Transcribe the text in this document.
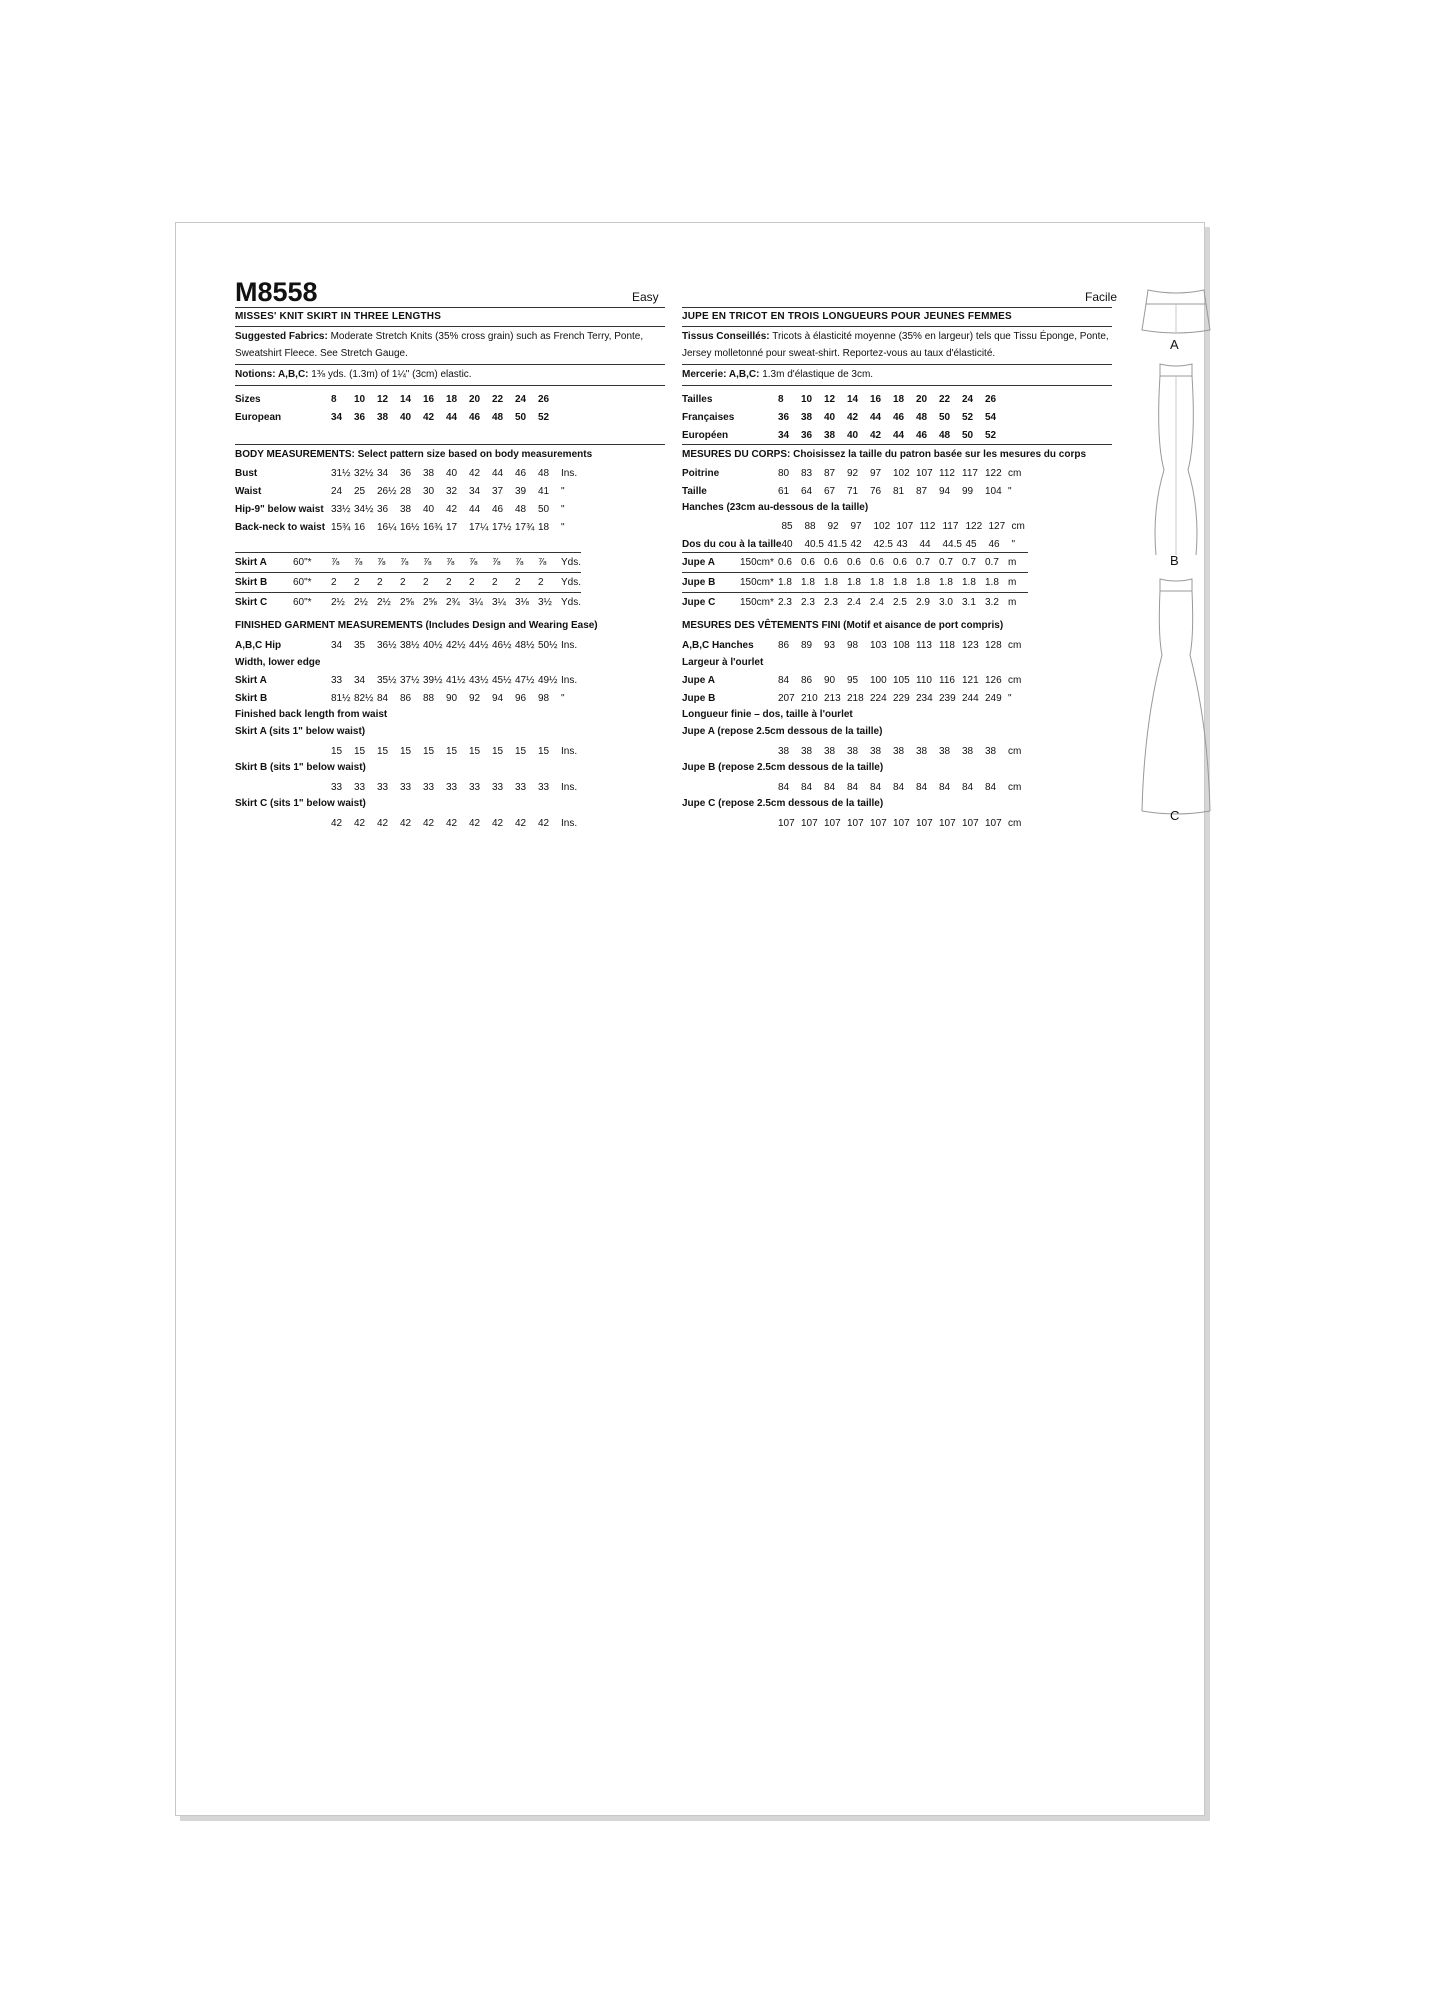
M8558	Easy
MISSES' KNIT SKIRT IN THREE LENGTHS
Suggested Fabrics: Moderate Stretch Knits (35% cross grain) such as French Terry, Ponte,
Sweatshirt Fleece. See Stretch Gauge.
Notions: A,B,C: 1⅜ yds. (1.3m) of 1¼" (3cm) elastic.
Sizes	8	10	12	14	16	18	20	22	24	26
European	34	36	38	40	42	44	46	48	50	52
BODY MEASUREMENTS: Select pattern size based on body measurements
Bust	31½	32½	34	36	38	40	42	44	46	48	Ins.
Waist	24	25	26½	28	30	32	34	37	39	41	"
Hip-9" below waist	33½	34½	36	38	40	42	44	46	48	50	"
Back-neck to waist	15¾	16	16¼	16½	16¾	17	17¼	17½	17¾	18	"
Skirt A	60"*	⅞	⅞	⅞	⅞	⅞	⅞	⅞	⅞	⅞	⅞	Yds.
Skirt B	60"*	2	2	2	2	2	2	2	2	2	2	Yds.
Skirt C	60"*	2½	2½	2½	2⅝	2⅝	2¾	3¼	3¼	3⅛	3½	Yds.
FINISHED GARMENT MEASUREMENTS (Includes Design and Wearing Ease)
A,B,C Hip	34	35	36½	38½	40½	42½	44½	46½	48½	50½	Ins.
Width, lower edge
Skirt A	33	34	35½	37½	39½	41½	43½	45½	47½	49½	Ins.
Skirt B	81½	82½	84	86	88	90	92	94	96	98	"
Finished back length from waist
Skirt A (sits 1" below waist)
	15	15	15	15	15	15	15	15	15	15	Ins.
Skirt B (sits 1" below waist)
	33	33	33	33	33	33	33	33	33	33	Ins.
Skirt C (sits 1" below waist)
	42	42	42	42	42	42	42	42	42	42	Ins.
Facile
JUPE EN TRICOT EN TROIS LONGUEURS POUR JEUNES FEMMES
Tissus Conseillés: Tricots à élasticité moyenne (35% en largeur) tels que Tissu Éponge, Ponte,
Jersey molletonné pour sweat-shirt. Reportez-vous au taux d'élasticité.
Mercerie: A,B,C: 1.3m d'élastique de 3cm.
Tailles	8	10	12	14	16	18	20	22	24	26
Françaises	36	38	40	42	44	46	48	50	52	54
Européen	34	36	38	40	42	44	46	48	50	52
MESURES DU CORPS: Choisissez la taille du patron basée sur les mesures du corps
Poitrine	80	83	87	92	97	102	107	112	117	122	cm
Taille	61	64	67	71	76	81	87	94	99	104	"
Hanches (23cm au-dessous de la taille)
	85	88	92	97	102	107	112	117	122	127	cm
Dos du cou à la taille	40	40.5	41.5	42	42.5	43	44	44.5	45	46	"
Jupe A	150cm*	0.6	0.6	0.6	0.6	0.6	0.6	0.7	0.7	0.7	0.7	m
Jupe B	150cm*	1.8	1.8	1.8	1.8	1.8	1.8	1.8	1.8	1.8	1.8	m
Jupe C	150cm*	2.3	2.3	2.3	2.4	2.4	2.5	2.9	3.0	3.1	3.2	m
MESURES DES VÊTEMENTS FINI (Motif et aisance de port compris)
A,B,C Hanches	86	89	93	98	103	108	113	118	123	128	cm
Largeur à l'ourlet
Jupe A	84	86	90	95	100	105	110	116	121	126	cm
Jupe B	207	210	213	218	224	229	234	239	244	249	"
Longueur finie – dos, taille à l'ourlet
Jupe A (repose 2.5cm dessous de la taille)
	38	38	38	38	38	38	38	38	38	38	cm
Jupe B (repose 2.5cm dessous de la taille)
	84	84	84	84	84	84	84	84	84	84	cm
Jupe C (repose 2.5cm dessous de la taille)
	107	107	107	107	107	107	107	107	107	107	cm
A
B
C
